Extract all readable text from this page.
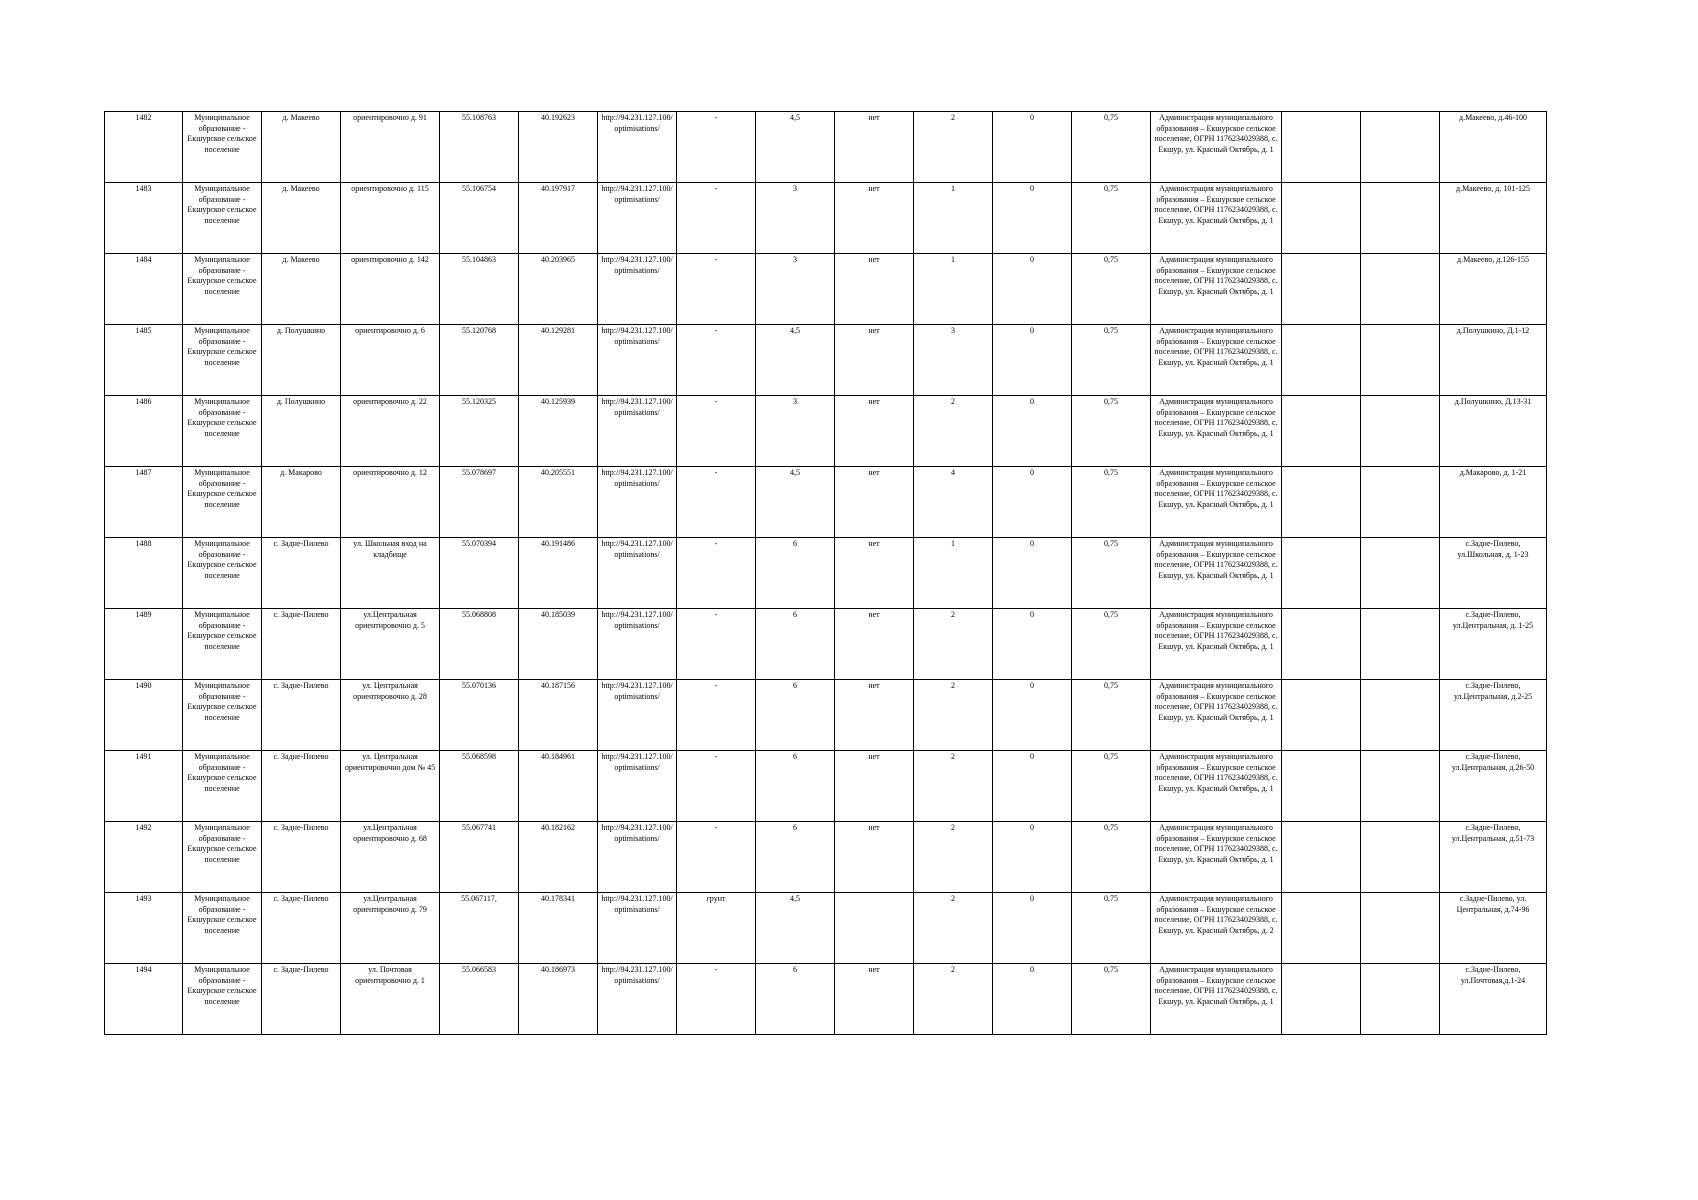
1482	Муниципальное образование - Екшурское сельское поселение	д. Макеево	ориентировочно д. 91	55.108763	40.192623	http://94.231.127.100/optimisations/	-	4,5	нет	2	0	0,75	Администрация муниципального образования – Екшурское сельское поселение, ОГРН 1176234029388, с. Екшур, ул. Красный Октябрь, д. 1			д.Макеево, д.46-100
1483	Муниципальное образование - Екшурское сельское поселение	д. Макеево	ориентировочно д. 115	55.106754	40.197917	http://94.231.127.100/optimisations/	-	3	нет	1	0	0,75	Администрация муниципального образования – Екшурское сельское поселение, ОГРН 1176234029388, с. Екшур, ул. Красный Октябрь, д. 1			д.Макеево, д. 101-125
1484	Муниципальное образование - Екшурское сельское поселение	д. Макеево	ориентировочно д. 142	55.104863	40.203965	http://94.231.127.100/optimisations/	-	3	нет	1	0	0,75	Администрация муниципального образования – Екшурское сельское поселение, ОГРН 1176234029388, с. Екшур, ул. Красный Октябрь, д. 1			д.Макеево, д.126-155
1485	Муниципальное образование - Екшурское сельское поселение	д. Полушкино	ориентировочно д. 6	55.120768	40.129281	http://94.231.127.100/optimisations/	-	4,5	нет	3	0	0,75	Администрация муниципального образования – Екшурское сельское поселение, ОГРН 1176234029388, с. Екшур, ул. Красный Октябрь, д. 1			д.Полушкино, Д.1-12
1486	Муниципальное образование - Екшурское сельское поселение	д. Полушкино	ориентировочно д. 22	55.120325	40.125939	http://94.231.127.100/optimisations/	-	3	нет	2	0	0,75	Администрация муниципального образования – Екшурское сельское поселение, ОГРН 1176234029388, с. Екшур, ул. Красный Октябрь, д. 1			д.Полушкино, Д.13-31
1487	Муниципальное образование - Екшурское сельское поселение	д. Макарово	ориентировочно д. 12	55.078697	40.205551	http://94.231.127.100/optimisations/	-	4,5	нет	4	0	0,75	Администрация муниципального образования – Екшурское сельское поселение, ОГРН 1176234029388, с. Екшур, ул. Красный Октябрь, д. 1			д.Макарово, д. 1-21
1488	Муниципальное образование - Екшурское сельское поселение	с. Задне-Пилево	ул. Школьная вход на кладбище	55.070394	40.191486	http://94.231.127.100/optimisations/	-	6	нет	1	0	0,75	Администрация муниципального образования – Екшурское сельское поселение, ОГРН 1176234029388, с. Екшур, ул. Красный Октябрь, д. 1			с.Задне-Пилево, ул.Школьная, д. 1-23
1489	Муниципальное образование - Екшурское сельское поселение	с. Задне-Пилево	ул.Центральная ориентировочно д. 5	55.068808	40.185039	http://94.231.127.100/optimisations/	-	6	нет	2	0	0,75	Администрация муниципального образования – Екшурское сельское поселение, ОГРН 1176234029388, с. Екшур, ул. Красный Октябрь, д. 1			с.Задне-Пилево, ул.Центральная, д. 1-25
1490	Муниципальное образование - Екшурское сельское поселение	с. Задне-Пилево	ул. Центральная ориентировочно д. 28	55.070136	40.187156	http://94.231.127.100/optimisations/	-	6	нет	2	0	0,75	Администрация муниципального образования – Екшурское сельское поселение, ОГРН 1176234029388, с. Екшур, ул. Красный Октябрь, д. 1			с.Задне-Пилево, ул.Центральная, д.2-25
1491	Муниципальное образование - Екшурское сельское поселение	с. Задне-Пилево	ул. Центральная ориентировочно дом № 45	55.068598	40.184961	http://94.231.127.100/optimisations/	-	6	нет	2	0	0,75	Администрация муниципального образования – Екшурское сельское поселение, ОГРН 1176234029388, с. Екшур, ул. Красный Октябрь, д. 1			с.Задне-Пилево, ул.Центральная, д.26-50
1492	Муниципальное образование - Екшурское сельское поселение	с. Задне-Пилево	ул.Центральная ориентировочно д. 68	55.067741	40.182162	http://94.231.127.100/optimisations/	-	6	нет	2	0	0,75	Администрация муниципального образования – Екшурское сельское поселение, ОГРН 1176234029388, с. Екшур, ул. Красный Октябрь, д. 1			с.Задне-Пилево, ул.Центральная, д.51-73
1493	Муниципальное образование - Екшурское сельское поселение	с. Задне-Пилево	ул.Центральная ориентировочно д. 79	55.067117,	40.178341	http://94.231.127.100/optimisations/	грунт	4,5		2	0	0,75	Администрация муниципального образования – Екшурское сельское поселение, ОГРН 1176234029388, с. Екшур, ул. Красный Октябрь, д. 2			с.Задне-Пилево, ул. Центральная, д.74-96
1494	Муниципальное образование - Екшурское сельское поселение	с. Задне-Пилево	ул. Почтовая ориентировочно д. 1	55.066583	40.186973	http://94.231.127.100/optimisations/	-	6	нет	2	0	0,75	Администрация муниципального образования – Екшурское сельское поселение, ОГРН 1176234029388, с. Екшур, ул. Красный Октябрь, д. 1			с.Задне-Пилево, ул.Почтовая,д.1-24
